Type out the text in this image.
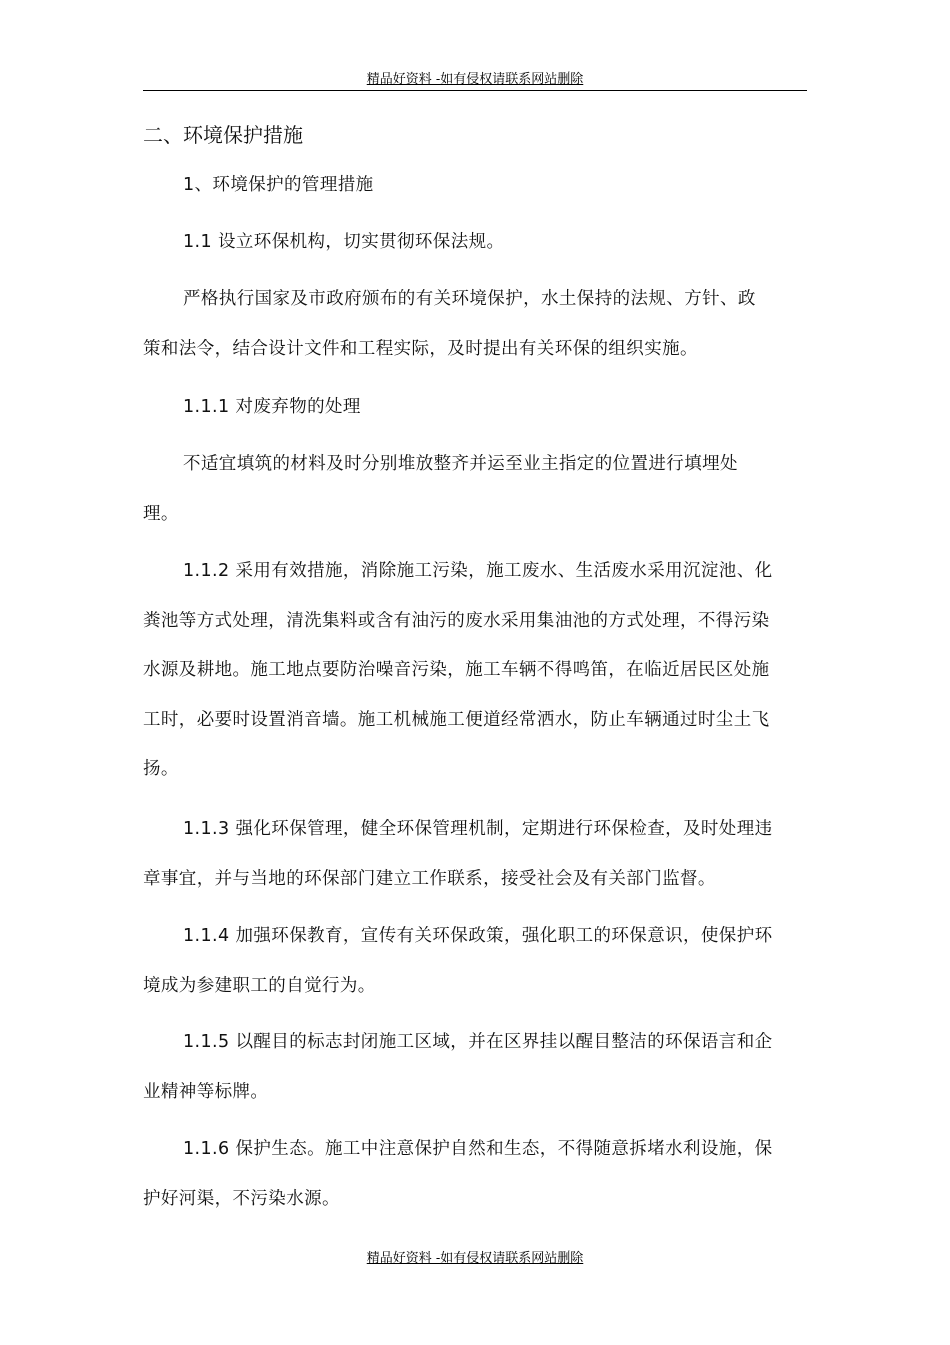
精品好资料 -如有侵权请联系网站删除
二、环境保护措施

1、环境保护的管理措施

1.1 设立环保机构，切实贯彻环保法规。

严格执行国家及市政府颁布的有关环境保护，水土保持的法规、方针、政策和法令，结合设计文件和工程实际，及时提出有关环保的组织实施。

1.1.1 对废弃物的处理

不适宜填筑的材料及时分别堆放整齐并运至业主指定的位置进行填埋处理。

1.1.2 采用有效措施，消除施工污染，施工废水、生活废水采用沉淀池、化粪池等方式处理，清洗集料或含有油污的废水采用集油池的方式处理，不得污染水源及耕地。施工地点要防治噪音污染，施工车辆不得鸣笛，在临近居民区处施工时，必要时设置消音墙。施工机械施工便道经常洒水，防止车辆通过时尘土飞扬。

1.1.3 强化环保管理，健全环保管理机制，定期进行环保检查，及时处理违章事宜，并与当地的环保部门建立工作联系，接受社会及有关部门监督。

1.1.4 加强环保教育，宣传有关环保政策，强化职工的环保意识，使保护环境成为参建职工的自觉行为。

1.1.5 以醒目的标志封闭施工区域，并在区界挂以醒目整洁的环保语言和企业精神等标牌。

1.1.6 保护生态。施工中注意保护自然和生态，不得随意拆堵水利设施，保护好河渠，不污染水源。

精品好资料 -如有侵权请联系网站删除
